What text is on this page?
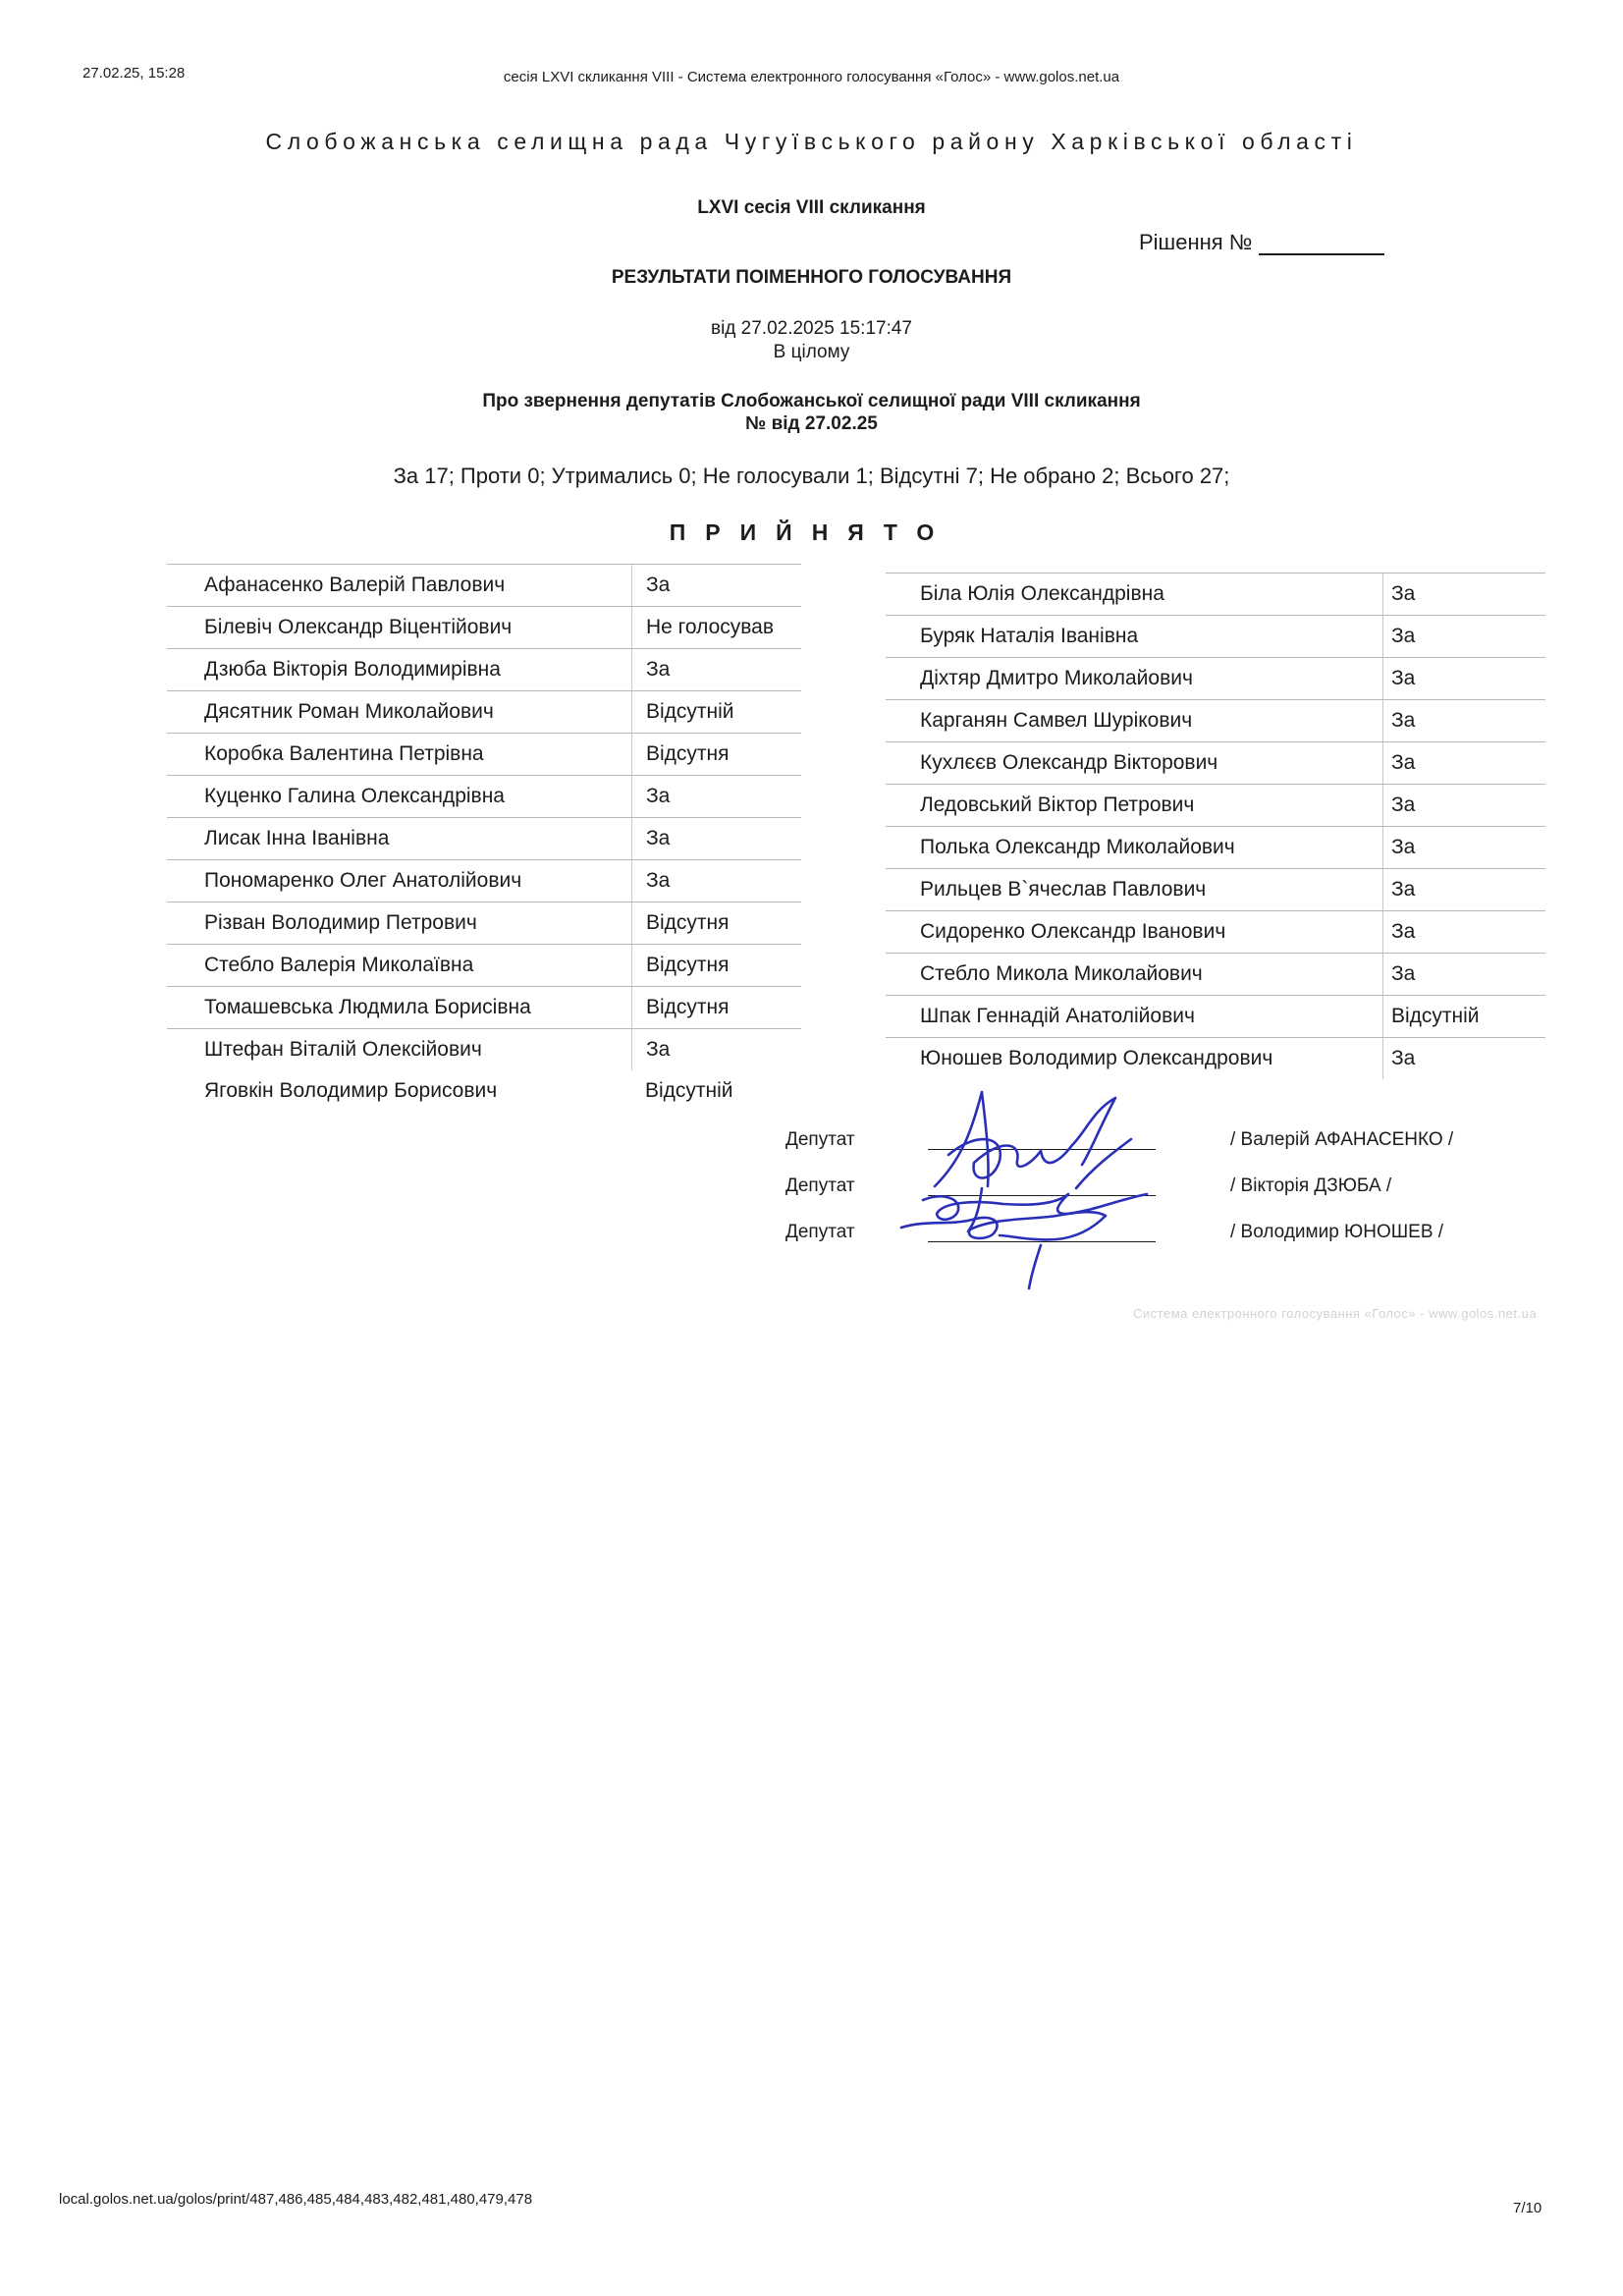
27.02.25, 15:28	сесія LXVI скликання VIII - Система електронного голосування «Голос» - www.golos.net.ua
Слобожанська селищна рада Чугуївського району Харківської області
LXVI сесія VIII скликання
Рішення №
РЕЗУЛЬТАТИ ПОІМЕННОГО ГОЛОСУВАННЯ
від 27.02.2025 15:17:47
В цілому
Про звернення депутатів Слобожанської селищної ради VIII скликання
№ від 27.02.25
За 17; Проти 0; Утримались 0; Не голосували 1; Відсутні 7; Не обрано 2; Всього 27;
ПРИЙНЯТО
Афанасенко Валерій Павлович	За
Білевіч Олександр Віцентійович	Не голосував
Дзюба Вікторія Володимирівна	За
Дясятник Роман Миколайович	Відсутній
Коробка Валентина Петрівна	Відсутня
Куценко Галина Олександрівна	За
Лисак Інна Іванівна	За
Пономаренко Олег Анатолійович	За
Різван Володимир Петрович	Відсутня
Стебло Валерія Миколаївна	Відсутня
Томашевська Людмила Борисівна	Відсутня
Штефан Віталій Олексійович	За
Яговкін Володимир Борисович	Відсутній
Біла Юлія Олександрівна	За
Буряк Наталія Іванівна	За
Діхтяр Дмитро Миколайович	За
Карганян Самвел Шурікович	За
Кухлєєв Олександр Вікторович	За
Ледовський Віктор Петрович	За
Полька Олександр Миколайович	За
Рильцев В`ячеслав Павлович	За
Сидоренко Олександр Іванович	За
Стебло Микола Миколайович	За
Шпак Геннадій Анатолійович	Відсутній
Юношев Володимир Олександрович	За
Депутат	/ Валерій АФАНАСЕНКО /
Депутат	/ Вікторія ДЗЮБА /
Депутат	/ Володимир ЮНОШЕВ /
Система електронного голосування «Голос» - www.golos.net.ua
local.golos.net.ua/golos/print/487,486,485,484,483,482,481,480,479,478
7/10
